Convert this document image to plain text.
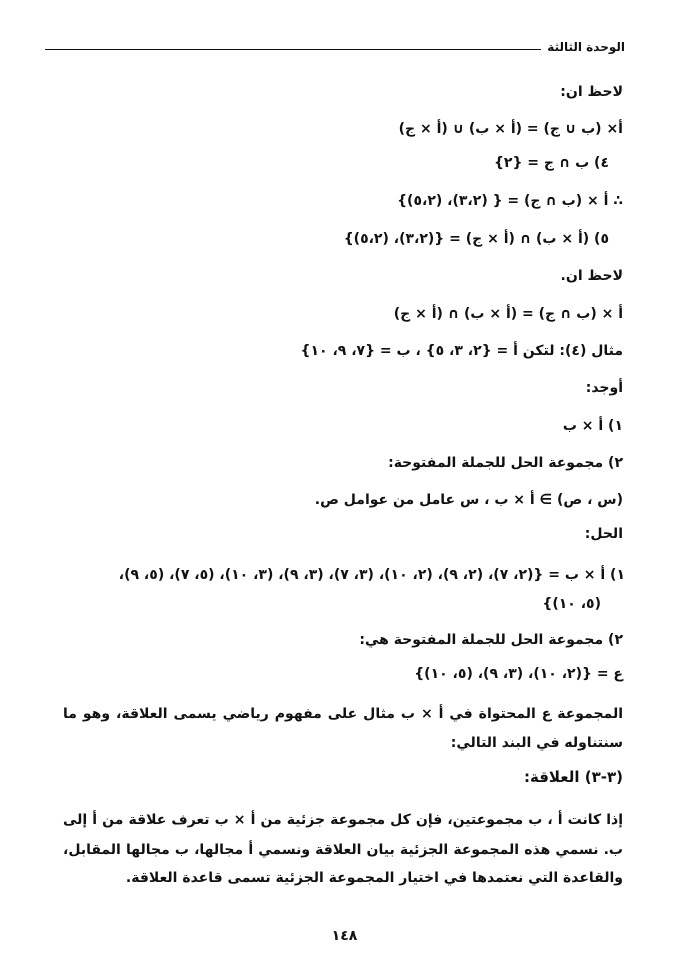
الوحدة الثالثة
لاحظ ان:
أ× (ب ∪ ج) = (أ × ب) ∪ (أ × ج)
٤) ب ∩ ج = {٢}
∴ أ × (ب ∩ ج) = { (٣،٢)، (٥،٢)}
٥) (أ × ب) ∩ (أ × ج) = {(٣،٢)، (٥،٢)}
لاحظ ان.
أ × (ب ∩ ج) = (أ × ب) ∩ (أ × ج)
مثال (٤): لتكن أ = {٢، ٣، ٥} ، ب = {٧، ٩، ١٠}
أوجد:
١) أ × ب
٢) مجموعة الحل للجملة المفتوحة:
(س ، ص) ∋ أ × ب ، س عامل من عوامل ص.
الحل:
١) أ × ب = {(٢، ٧)، (٢، ٩)، (٢، ١٠)، (٣، ٧)، (٣، ٩)، (٣، ١٠)، (٥، ٧)، (٥، ٩)،
(٥، ١٠)}
٢) مجموعة الحل للجملة المفتوحة هي:
ع = {(٢، ١٠)، (٣، ٩)، (٥، ١٠)}
المجموعة ع المحتواة في أ × ب مثال على مفهوم رياضي يسمى العلاقة، وهو ما
سنتناوله في البند التالي:
(٣-٣) العلاقة:
إذا كانت أ ، ب مجموعتين، فإن كل مجموعة جزئية من أ × ب تعرف علاقة من أ إلى
ب. نسمي هذه المجموعة الجزئية بيان العلاقة ونسمي أ مجالها، ب مجالها المقابل،
والقاعدة التي نعتمدها في اختيار المجموعة الجزئية تسمى قاعدة العلاقة.
١٤٨
